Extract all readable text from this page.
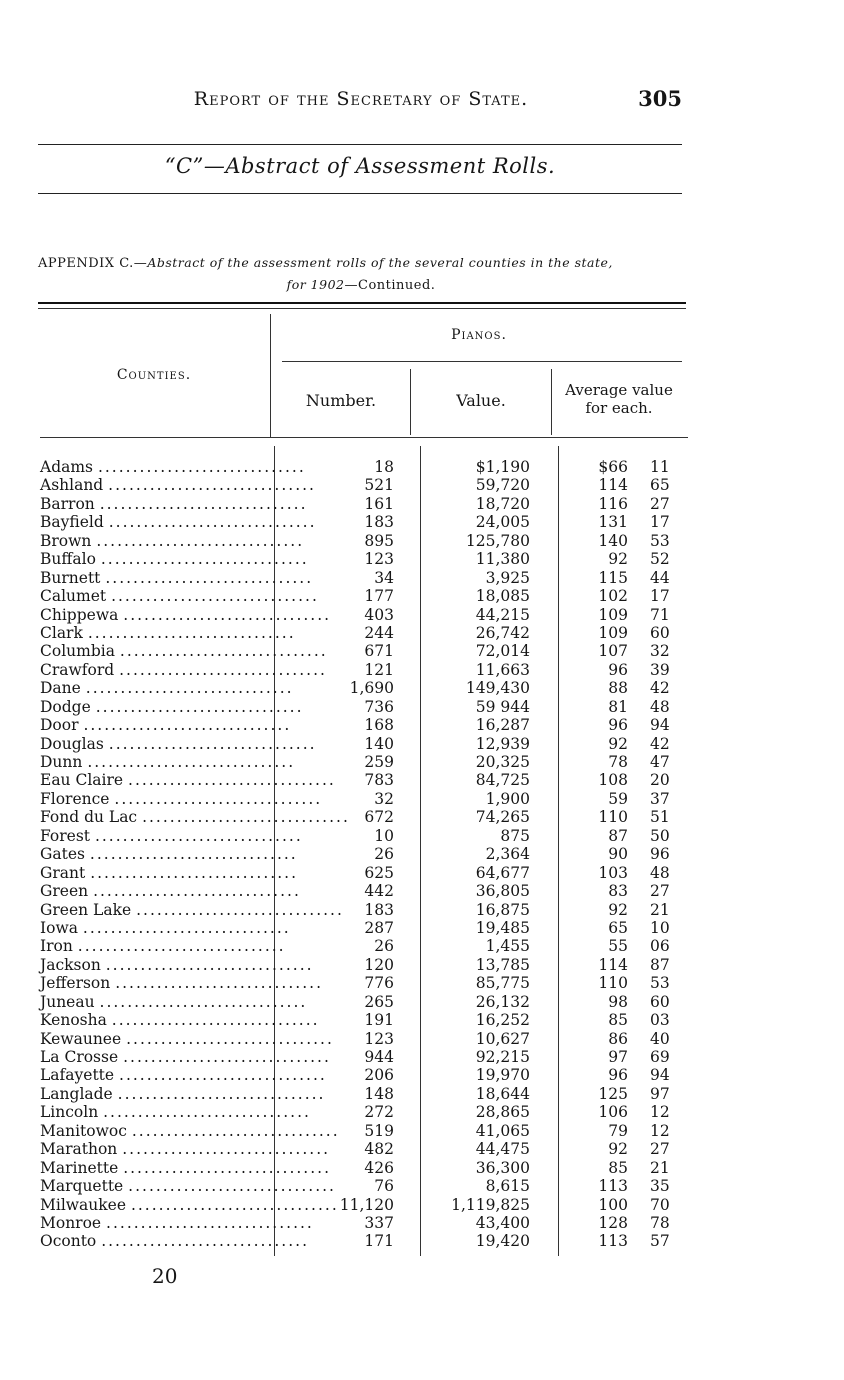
Report of the Secretary of State.	305
“C”—Abstract of Assessment Rolls.
APPENDIX C.—Abstract of the assessment rolls of the several counties in the state,
for 1902—Continued.
Counties.
Pianos.
Number.	Value.
Average value for each.
Adams ..............................	18	$1,190	$66 11
Ashland ..............................	521	59,720	114 65
Barron ..............................	161	18,720	116 27
Bayfield ..............................	183	24,005	131 17
Brown ..............................	895	125,780	140 53
Buffalo ..............................	123	11,380	92 52
Burnett ..............................	34	3,925	115 44
Calumet ..............................	177	18,085	102 17
Chippewa ..............................	403	44,215	109 71
Clark ..............................	244	26,742	109 60
Columbia ..............................	671	72,014	107 32
Crawford ..............................	121	11,663	96 39
Dane ..............................	1,690	149,430	88 42
Dodge ..............................	736	59 944	81 48
Door ..............................	168	16,287	96 94
Douglas ..............................	140	12,939	92 42
Dunn ..............................	259	20,325	78 47
Eau Claire ..............................	783	84,725	108 20
Florence ..............................	32	1,900	59 37
Fond du Lac .............................. 672	74,265	110 51
Forest ..............................	10	875	87 50
Gates ..............................	26	2,364	90 96
Grant ..............................	625	64,677	103 48
Green ..............................	442	36,805	83 27
Green Lake ..............................	183	16,875	92 21
Iowa ..............................	287	19,485	65 10
Iron ..............................	26	1,455	55 06
Jackson ..............................	120	13,785	114 87
Jefferson ..............................	776	85,775	110 53
Juneau ..............................	265	26,132	98 60
Kenosha ..............................	191	16,252	85 03
Kewaunee ..............................	123	10,627	86 40
La Crosse ..............................	944	92,215	97 69
Lafayette ..............................	206	19,970	96 94
Langlade ..............................	148	18,644	125 97
Lincoln ..............................	272	28,865	106 12
Manitowoc ..............................	519	41,065	79 12
Marathon ..............................	482	44,475	92 27
Marinette ..............................	426	36,300	85 21
Marquette ..............................	76	8,615	113 35
Milwaukee .............................. 11,120	1,119,825	100 70
Monroe ..............................	337	43,400	128 78
Oconto ..............................	171	19,420	113 57
20
